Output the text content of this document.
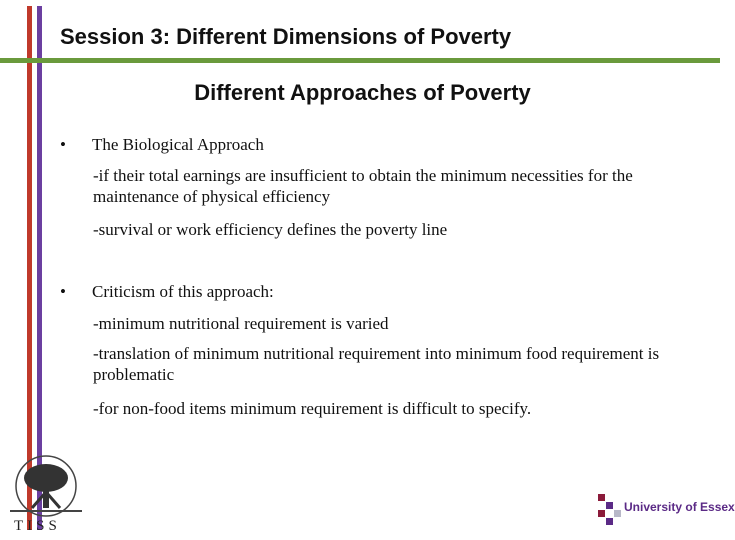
Session 3: Different Dimensions of Poverty
Different Approaches of Poverty
•	The Biological Approach
-if their total earnings are insufficient to obtain the minimum necessities for the maintenance of physical efficiency
-survival or work efficiency defines the poverty line
•	Criticism of this approach:
-minimum nutritional requirement is varied
-translation of minimum nutritional requirement into minimum food requirement is problematic
-for non-food items minimum requirement is difficult to specify.
TISS
University of Essex
